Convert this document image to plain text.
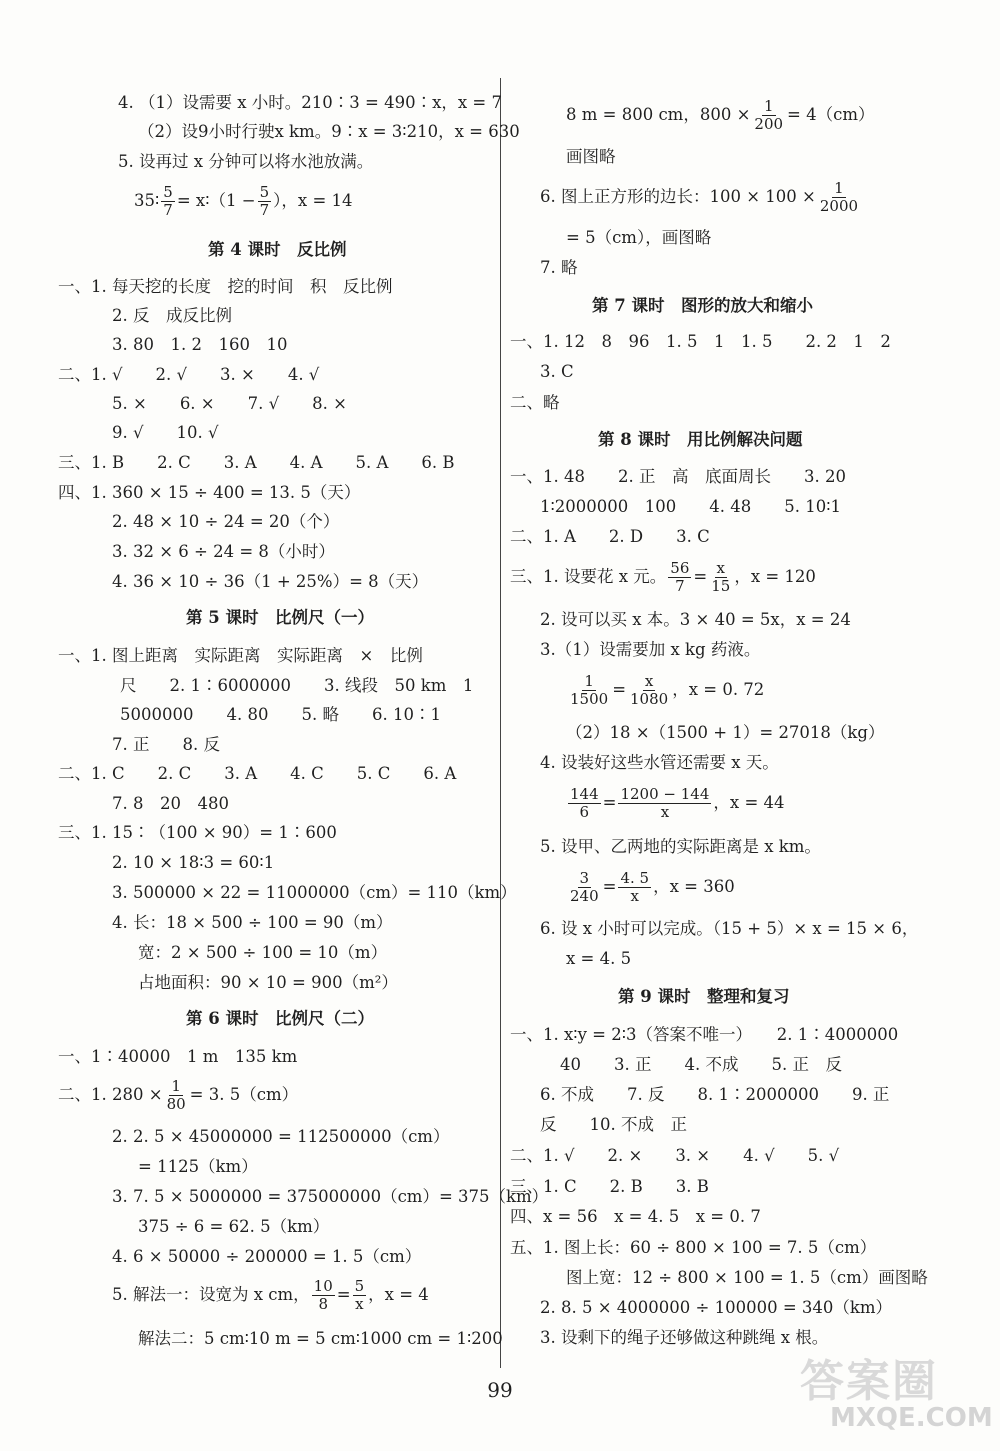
4. （1）设需要 x 小时。210∶3 = 490∶x，x = 7
（2）设9小时行驶x km。9∶x = 3∶210，x = 630
5. 设再过 x 分钟可以将水池放满。
35∶ $\frac{5}{7}$ = x∶（1 − $\frac{5}{7}$ ），x = 14
第 4 课时　反比例
一、1. 每天挖的长度　挖的时间　积　反比例
2. 反　成反比例
3. 80　1. 2　160　10
二、1. √　　2. √　　3. ×　　4. √
5. ×　　6. ×　　7. √　　8. ×
9. √　　10. √
三、1. B　　2. C　　3. A　　4. A　　5. A　　6. B
四、1. 360 × 15 ÷ 400 = 13. 5（天）
2. 48 × 10 ÷ 24 = 20（个）
3. 32 × 6 ÷ 24 = 8（小时）
4. 36 × 10 ÷ 36（1 + 25%）= 8（天）
第 5 课时　比例尺（一）
一、1. 图上距离　实际距离　实际距离　×　比例
尺　　2. 1∶6000000　　3. 线段　50 km　1
5000000　　4. 80　　5. 略　　6. 10∶1
7. 正　　8. 反
二、1. C　　2. C　　3. A　　4. C　　5. C　　6. A
7. 8　20　480
三、1. 15∶（100 × 90）= 1∶600
2. 10 × 18∶3 = 60∶1
3. 500000 × 22 = 11000000（cm）= 110（km）
4. 长：18 × 500 ÷ 100 = 90（m）
宽：2 × 500 ÷ 100 = 10（m）
占地面积：90 × 10 = 900（m²）
第 6 课时　比例尺（二）
一、1∶40000　1 m　135 km
二、1. $280 \times \frac{1}{80} = 3$. 5（cm）
2. 2. 5 × 45000000 = 112500000（cm）
= 1125（km）
3. 7. 5 × 5000000 = 375000000（cm）= 375（km）
375 ÷ 6 = 62. 5（km）
4. 6 × 50000 ÷ 200000 = 1. 5（cm）
5. 解法一：设宽为 x cm， $\frac{10}{8} = \frac{5}{x}$ ，x = 4
解法二：5 cm∶10 m = 5 cm∶1000 cm = 1∶200
8 m = 800 cm，$800 \times \frac{1}{200} = 4(cm)$
画图略
6. 图上正方形的边长：$100 \times 100 \times \frac{1}{2000}$
= 5（cm），画图略
7. 略
第 7 课时　图形的放大和缩小
一、1. 12　8　96　1. 5　1　1. 5　　2. 2　1　2
3. C
二、略
第 8 课时　用比例解决问题
一、1. 48　　2. 正　高　底面周长　　3. 20
1∶2000000　100　　4. 48　　5. 10∶1
二、1. A　　2. D　　3. C
三、1. 设要花 x 元。 $\frac{56}{7} = \frac{x}{15}$ ，x = 120
2. 设可以买 x 本。3 × 40 = 5x，x = 24
3.（1）设需要加 x kg 药液。
$\frac{1}{1500} = \frac{x}{1080}$ ，x = 0. 72
（2）18 ×（1500 + 1）= 27018（kg）
4. 设装好这些水管还需要 x 天。
$\frac{144}{6} = \frac{1200 - 144}{x}$ ，x = 44
5. 设甲、乙两地的实际距离是 x km。
$\frac{3}{240} = \frac{4. 5}{x}$ ，x = 360
6. 设 x 小时可以完成。（15 + 5）× x = 15 × 6，
x = 4. 5
第 9 课时　整理和复习
一、1. x∶y = 2∶3（答案不唯一）　　2. 1∶4000000
40　　3. 正　　4. 不成　　5. 正　反
6. 不成　　7. 反　　8. 1∶2000000　　9. 正
反　　10. 不成　正
二、1. √　　2. ×　　3. ×　　4. √　　5. √
三、1. C　　2. B　　3. B
四、x = 56　x = 4. 5　x = 0. 7
五、1. 图上长：60 ÷ 800 × 100 = 7. 5（cm）
图上宽：12 ÷ 800 × 100 = 1. 5（cm）画图略
2. 8. 5 × 4000000 ÷ 100000 = 340（km）
3. 设剩下的绳子还够做这种跳绳 x 根。
99	答案圈
MXQE.COM
